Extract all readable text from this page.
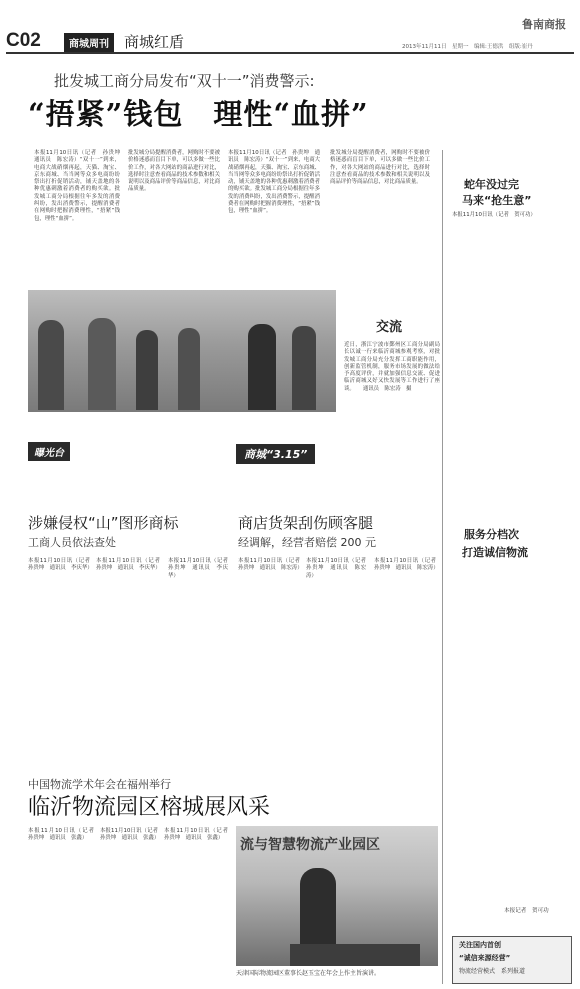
C02	商城周刊	商城红盾	2013年11月11日　星期一　编辑:王德洪　组版:崔丹
鲁南商报
批发城工商分局发布“双十一”消费警示:
“捂紧”钱包　理性“血拼”
本报11月10日讯（记者　孙贵坤　通讯员　陈宏涛）“双十一”到来，电商大战硝烟再起，天猫、淘宝、京东商城、当当网等众多电商纷纷祭出打折促销活动，铺天盖地的各种优惠刺激着消费者的购买欲。批发城工商分局根据往年多发的消费纠纷，发出消费警示，提醒消费者在网购时把握消费理性，“捂紧”钱包，理性“血拼”。
批发城分局提醒消费者，网购时不要被价格迷惑而盲目下单，可以多做一些比价工作，对各大网站的商品进行对比，选择时注意查看商品的技术参数和相关说明以及商品评价等商品信息，对比商品质量。
本报11月10日讯（记者　孙贵坤　通讯员　陈宏涛）“双十一”到来，电商大战硝烟再起，天猫、淘宝、京东商城、当当网等众多电商纷纷祭出打折促销活动，铺天盖地的各种优惠刺激着消费者的购买欲。批发城工商分局根据往年多发的消费纠纷，发出消费警示，提醒消费者在网购时把握消费理性，“捂紧”钱包，理性“血拼”。
批发城分局提醒消费者，网购时不要被价格迷惑而盲目下单，可以多做一些比价工作，对各大网站的商品进行对比，选择时注意查看商品的技术参数和相关说明以及商品评价等商品信息，对比商品质量。
交流
近日，浙江宁波市鄞州区工商分局副局长以诚一行来临沂商城参观考察，对批发城工商分局充分发挥工商职能作用，创新监管机制，服务市场发展的做法给予高度评价，并就加强信息交流、促进临沂商城又好又快发展等工作进行了座谈。　　通讯员　陈宏涛　摄
曝光台	商城“3.15”
涉嫌侵权“山”图形商标
工商人员依法查处
本报11月10日讯（记者　孙贵坤　通讯员　李庆华）
本报11月10日讯（记者　孙贵坤　通讯员　李庆华）
本报11月10日讯（记者　孙贵坤　通讯员　李庆华）
商店货架刮伤顾客腿
经调解，经营者赔偿 200 元
本报11月10日讯（记者　孙贵坤　通讯员　陈宏涛）
本报11月10日讯（记者　孙贵坤　通讯员　陈宏涛）
本报11月10日讯（记者　孙贵坤　通讯员　陈宏涛）
中国物流学术年会在福州举行
临沂物流园区榕城展风采
本报11月10日讯（记者　孙贵坤　通讯员　张鑫）
本报11月10日讯（记者　孙贵坤　通讯员　张鑫）
本报11月10日讯（记者　孙贵坤　通讯员　张鑫）	流与智慧物流产业园区
天津国际物流园区董事长赵玉宝在年会上作主旨演讲。
蛇年没过完
马来“抢生意”
本报11月10日讯（记者　贺可功）
服务分档次
打造诚信物流
本报记者　贺可功
关注国内首创
“诚信来源经营”
物流经营模式　系列报道
